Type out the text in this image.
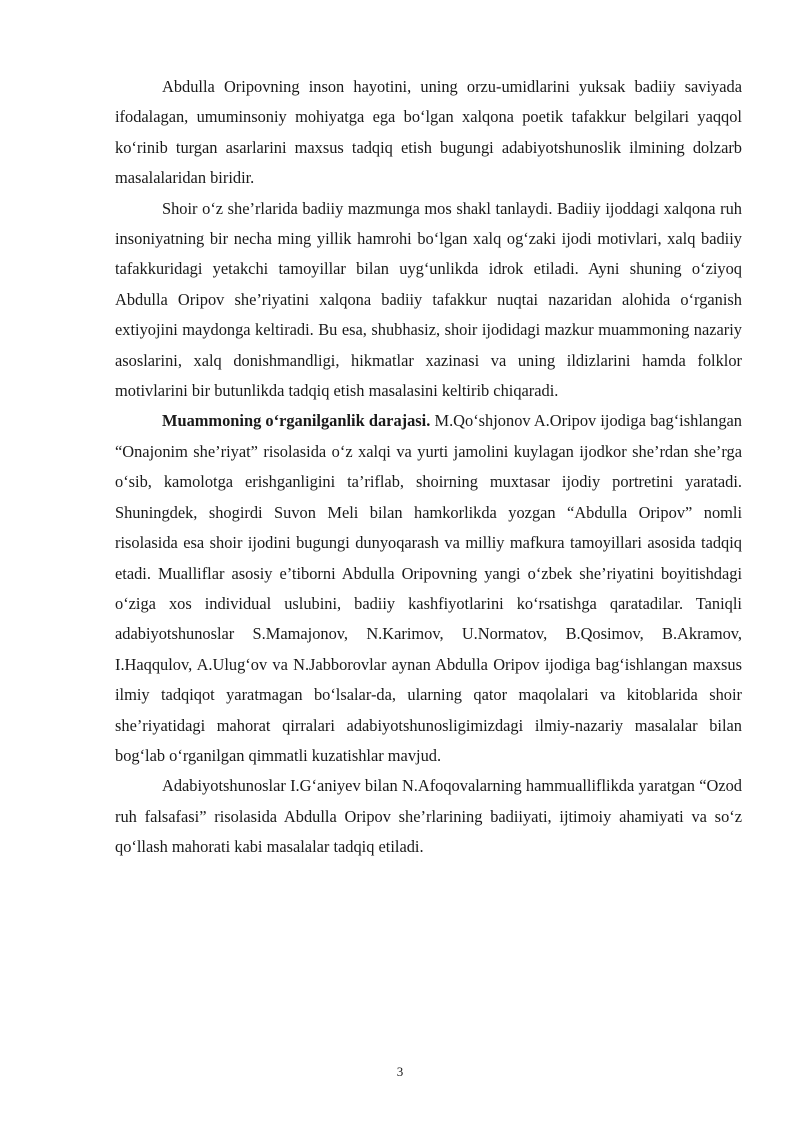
Abdulla Oripovning inson hayotini, uning orzu-umidlarini yuksak badiiy saviyada ifodalagan, umuminsoniy mohiyatga ega bo‘lgan xalqona poetik tafakkur belgilari yaqqol ko‘rinib turgan asarlarini maxsus tadqiq etish bugungi adabiyotshunoslik ilmining dolzarb masalalaridan biridir.

Shoir o‘z she’rlarida badiiy mazmunga mos shakl tanlaydi. Badiiy ijoddagi xalqona ruh insoniyatning bir necha ming yillik hamrohi bo‘lgan xalq og‘zaki ijodi motivlari, xalq badiiy tafakkuridagi yetakchi tamoyillar bilan uyg‘unlikda idrok etiladi. Ayni shuning o‘ziyoq Abdulla Oripov she’riyatini xalqona badiiy tafakkur nuqtai nazaridan alohida o‘rganish extiyojini maydonga keltiradi. Bu esa, shubhasiz, shoir ijodidagi mazkur muammoning nazariy asoslarini, xalq donishmandligi, hikmatlar xazinasi va uning ildizlarini hamda folklor motivlarini bir butunlikda tadqiq etish masalasini keltirib chiqaradi.

Muammoning o‘rganilganlik darajasi. M.Qo‘shjonov A.Oripov ijodiga bag‘ishlangan “Onajonim she’riyat” risolasida o‘z xalqi va yurti jamolini kuylagan ijodkor she’rdan she’rga o‘sib, kamolotga erishganligini ta’riflab, shoirning muxtasar ijodiy portretini yaratadi. Shuningdek, shogirdi Suvon Meli bilan hamkorlikda yozgan “Abdulla Oripov” nomli risolasida esa shoir ijodini bugungi dunyoqarash va milliy mafkura tamoyillari asosida tadqiq etadi. Mualliflar asosiy e’tiborni Abdulla Oripovning yangi o‘zbek she’riyatini boyitishdagi o‘ziga xos individual uslubini, badiiy kashfiyotlarini ko‘rsatishga qaratadilar. Taniqli adabiyotshunoslar S.Mamajonov, N.Karimov, U.Normatov, B.Qosimov, B.Akramov, I.Haqqulov, A.Ulug‘ov va N.Jabborovlar aynan Abdulla Oripov ijodiga bag‘ishlangan maxsus ilmiy tadqiqot yaratmagan bo‘lsalar-da, ularning qator maqolalari va kitoblarida shoir she’riyatidagi mahorat qirralari adabiyotshunosligimizdagi ilmiy-nazariy masalalar bilan bog‘lab o‘rganilgan qimmatli kuzatishlar mavjud.

Adabiyotshunoslar I.G‘aniyev bilan N.Afoqovalarning hammualliflikda yaratgan “Ozod ruh falsafasi” risolasida Abdulla Oripov she’rlarining badiiyati, ijtimoiy ahamiyati va so‘z qo‘llash mahorati kabi masalalar tadqiq etiladi.

3
